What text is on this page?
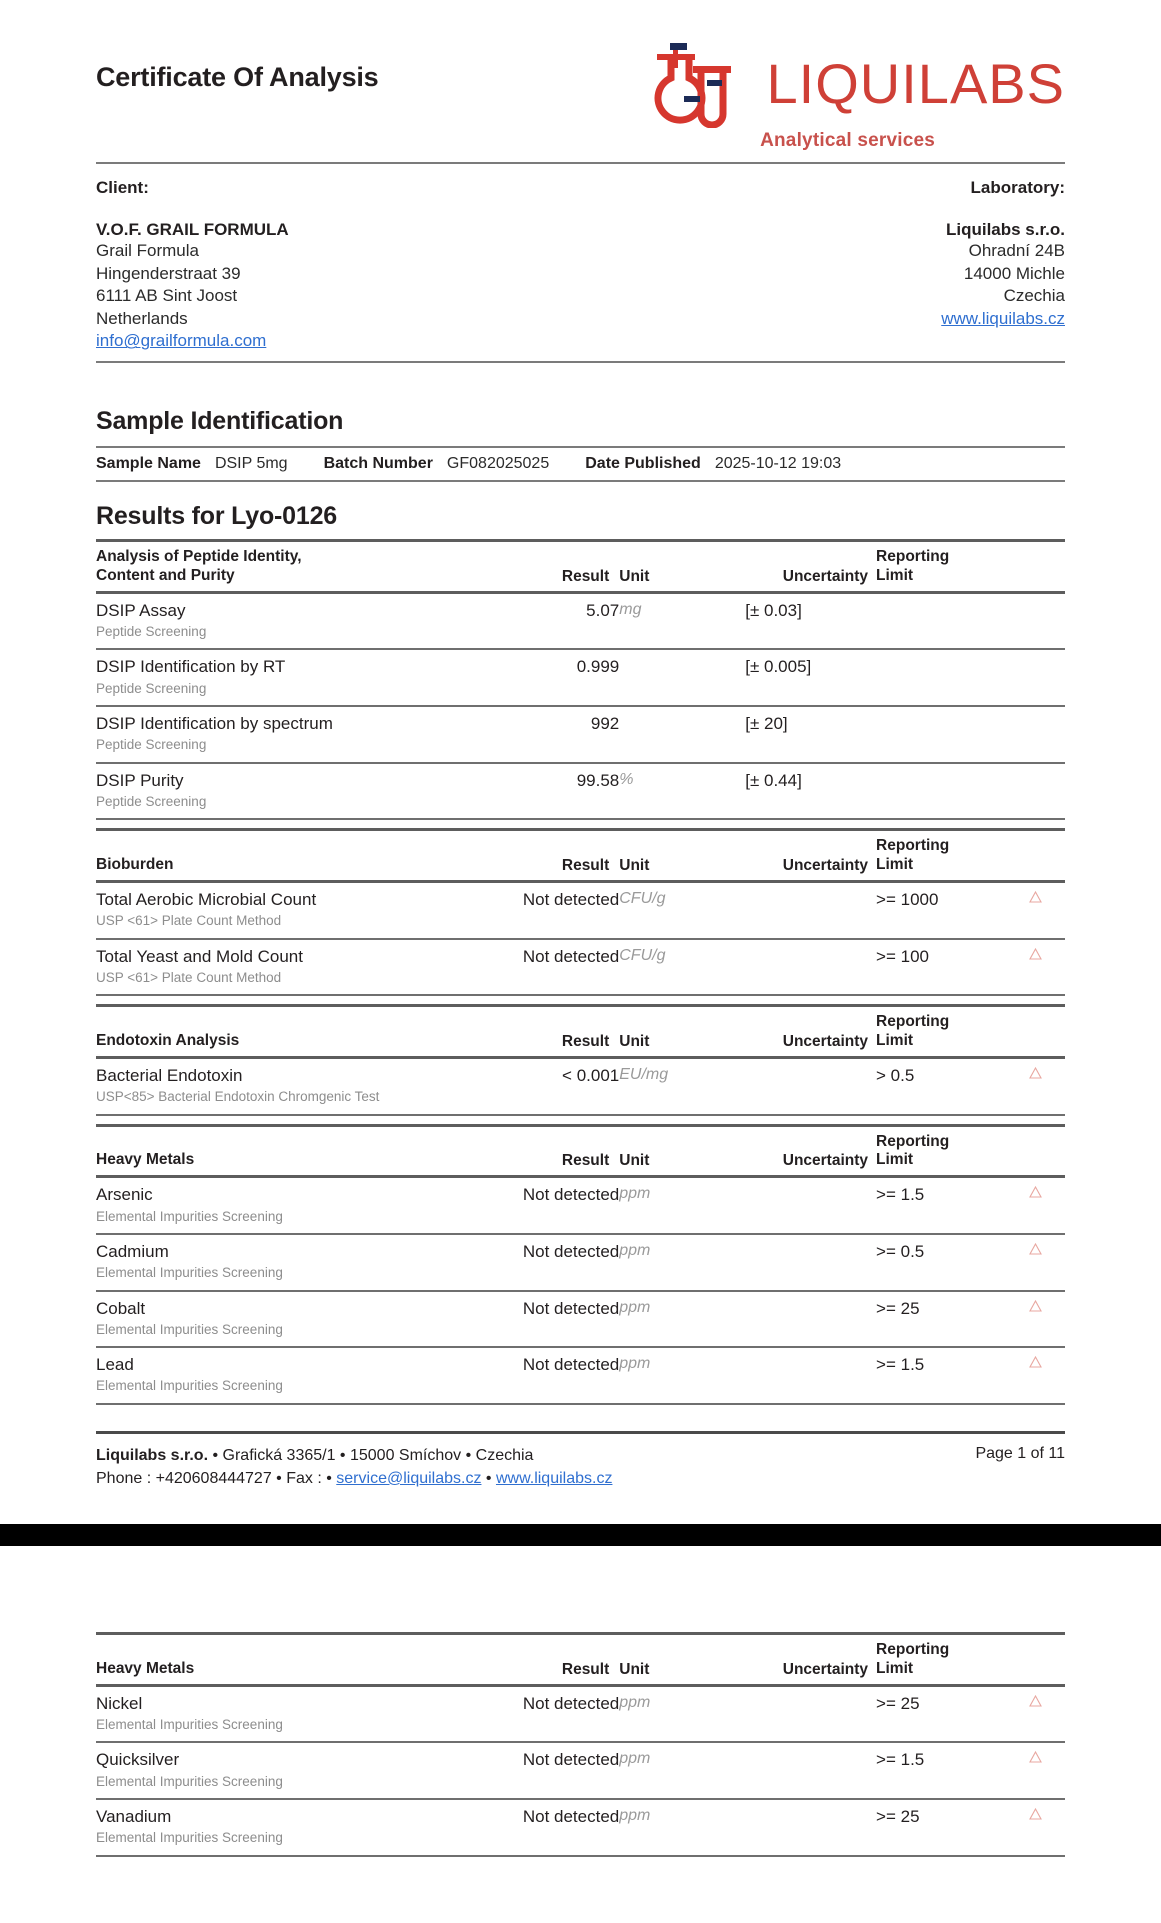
Certificate Of Analysis	LIQUILABS
Analytical services
Client:
V.O.F. GRAIL FORMULA
Grail Formula
Hingenderstraat 39
6111 AB Sint Joost
Netherlands
info@grailformula.com
Laboratory:
Liquilabs s.r.o.
Ohradní 24B
14000 Michle
Czechia
www.liquilabs.cz
Sample Identification
Sample Name DSIP 5mg Batch Number GF082025025 Date Published 2025-10-12 19:03
Results for Lyo-0126
Analysis of Peptide Identity,
Content and Purity	Result	Unit	Uncertainty	Reporting
Limit	

DSIP Assay
Peptide Screening	5.07	mg	[± 0.03]		

DSIP Identification by RT
Peptide Screening	0.999		[± 0.005]		

DSIP Identification by spectrum
Peptide Screening	992		[± 20]		

DSIP Purity
Peptide Screening	99.58	%	[± 0.44]		

Bioburden	Result	Unit	Uncertainty	Reporting
Limit	

Total Aerobic Microbial Count
USP <61> Plate Count Method	Not detected	CFU/g		>= 1000	

Total Yeast and Mold Count
USP <61> Plate Count Method	Not detected	CFU/g		>= 100	

Endotoxin Analysis	Result	Unit	Uncertainty	Reporting
Limit	

Bacterial Endotoxin
USP<85> Bacterial Endotoxin Chromgenic Test	< 0.001	EU/mg		> 0.5	

Heavy Metals	Result	Unit	Uncertainty	Reporting
Limit	

Arsenic
Elemental Impurities Screening	Not detected	ppm		>= 1.5	

Cadmium
Elemental Impurities Screening	Not detected	ppm		>= 0.5	

Cobalt
Elemental Impurities Screening	Not detected	ppm		>= 25	

Lead
Elemental Impurities Screening	Not detected	ppm		>= 1.5	
Liquilabs s.r.o. • Grafická 3365/1 • 15000 Smíchov • Czechia
Phone : +420608444727 • Fax : • service@liquilabs.cz • www.liquilabs.cz
Page 1 of 11

Heavy Metals	Result	Unit	Uncertainty	Reporting
Limit	

Nickel
Elemental Impurities Screening	Not detected	ppm		>= 25	

Quicksilver
Elemental Impurities Screening	Not detected	ppm		>= 1.5	

Vanadium
Elemental Impurities Screening	Not detected	ppm		>= 25	
